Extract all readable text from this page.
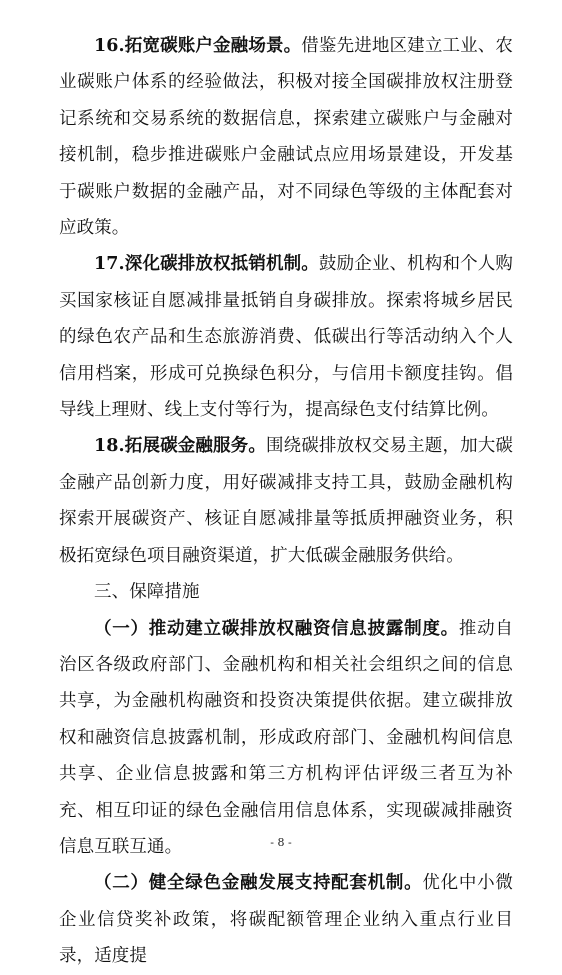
16.拓宽碳账户金融场景。借鉴先进地区建立工业、农业碳账户体系的经验做法，积极对接全国碳排放权注册登记系统和交易系统的数据信息，探索建立碳账户与金融对接机制，稳步推进碳账户金融试点应用场景建设，开发基于碳账户数据的金融产品，对不同绿色等级的主体配套对应政策。

17.深化碳排放权抵销机制。鼓励企业、机构和个人购买国家核证自愿减排量抵销自身碳排放。探索将城乡居民的绿色农产品和生态旅游消费、低碳出行等活动纳入个人信用档案，形成可兑换绿色积分，与信用卡额度挂钩。倡导线上理财、线上支付等行为，提高绿色支付结算比例。

18.拓展碳金融服务。围绕碳排放权交易主题，加大碳金融产品创新力度，用好碳减排支持工具，鼓励金融机构探索开展碳资产、核证自愿减排量等抵质押融资业务，积极拓宽绿色项目融资渠道，扩大低碳金融服务供给。

三、保障措施

（一）推动建立碳排放权融资信息披露制度。推动自治区各级政府部门、金融机构和相关社会组织之间的信息共享，为金融机构融资和投资决策提供依据。建立碳排放权和融资信息披露机制，形成政府部门、金融机构间信息共享、企业信息披露和第三方机构评估评级三者互为补充、相互印证的绿色金融信用信息体系，实现碳减排融资信息互联互通。

（二）健全绿色金融发展支持配套机制。优化中小微企业信贷奖补政策，将碳配额管理企业纳入重点行业目录，适度提

- 8 -
